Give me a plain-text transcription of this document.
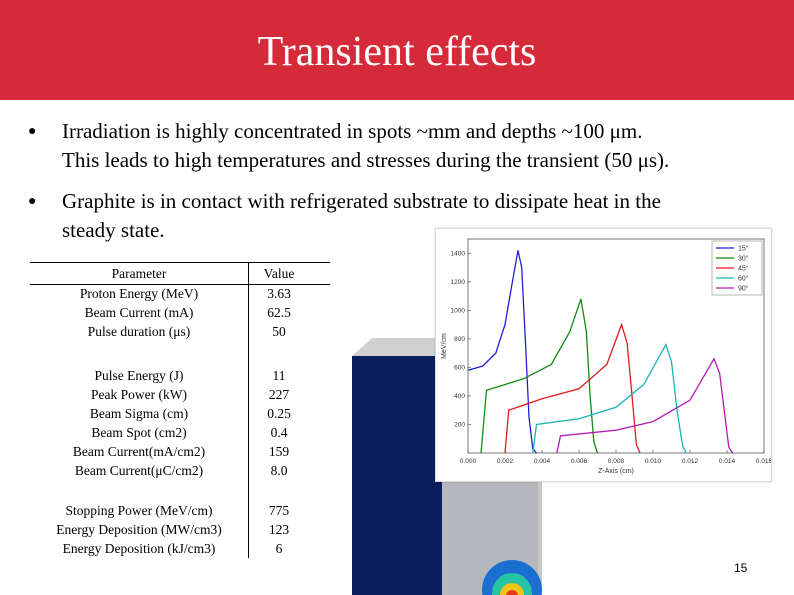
Transient effects
● Irradiation is highly concentrated in spots ~mm and depths ~100 μm.
This leads to high temperatures and stresses during the transient (50 μs).
● Graphite is in contact with refrigerated substrate to dissipate heat in the
steady state.
Parameter	Value
Proton Energy (MeV)	3.63
Beam Current (mA)	62.5
Pulse duration (μs)	50
Pulse Energy (J)	11
Peak Power (kW)	227
Beam Sigma (cm)	0.25
Beam Spot (cm2)	0.4
Beam Current(mA/cm2)	159
Beam Current(μC/cm2)	8.0
Stopping Power (MeV/cm)	775
Energy Deposition (MW/cm3)	123
Energy Deposition (kJ/cm3)	6
0.000	0.002	0.004	0.006	0.008	0.010	0.012	0.014	0.016
200
400
600
800
1000
1200
1400
Z-Axis (cm)
MeV/cm
15°
30°
45°
60°
90°
15
